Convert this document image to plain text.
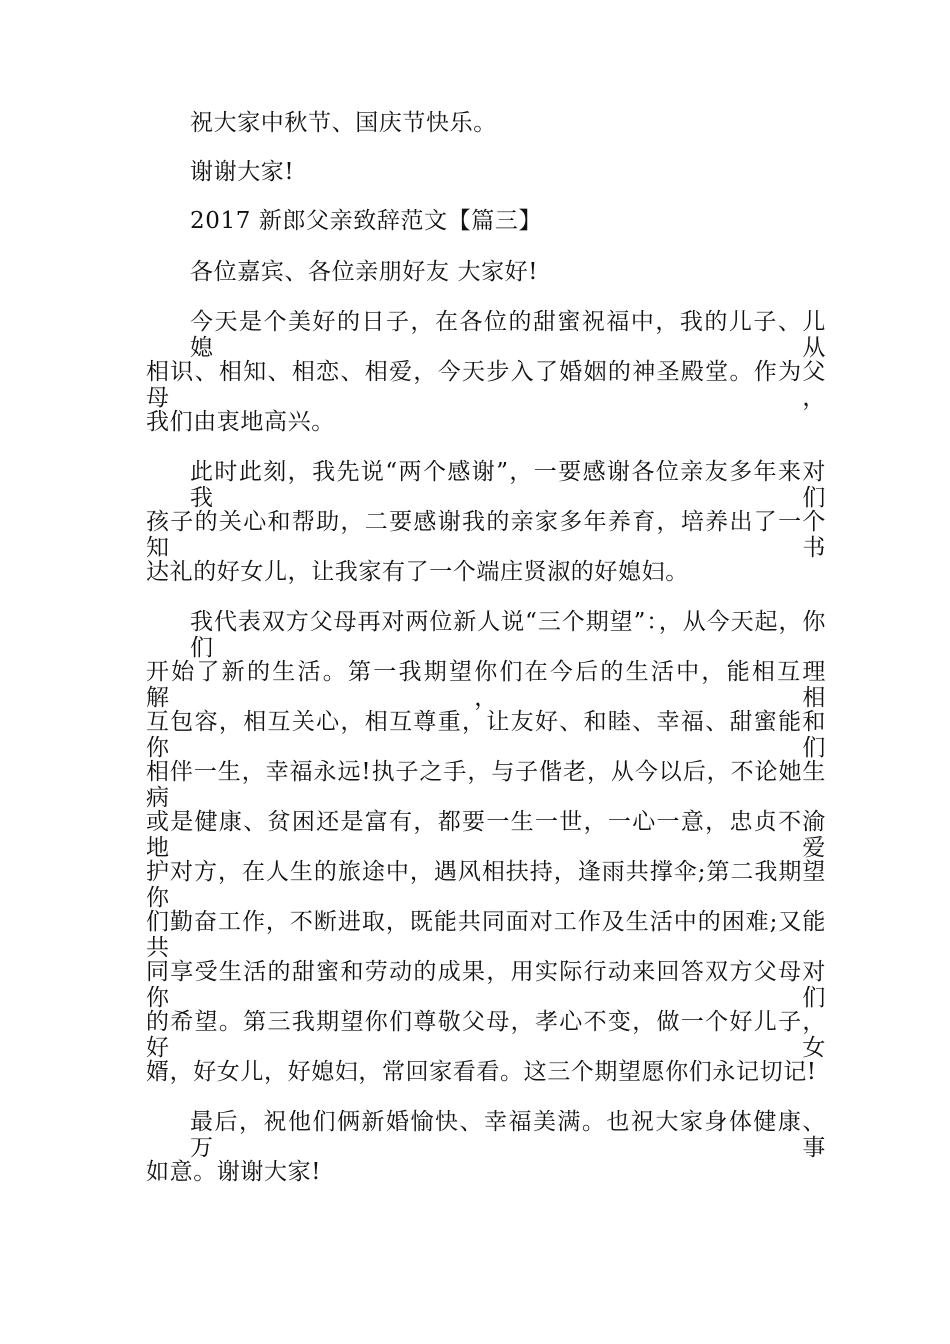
祝大家中秋节、国庆节快乐。
谢谢大家!
2017 新郎父亲致辞范文【篇三】
各位嘉宾、各位亲朋好友 大家好!
今天是个美好的日子，在各位的甜蜜祝福中，我的儿子、儿媳从
相识、相知、相恋、相爱，今天步入了婚姻的神圣殿堂。作为父母，
我们由衷地高兴。
此时此刻，我先说“两个感谢”，一要感谢各位亲友多年来对我们
孩子的关心和帮助，二要感谢我的亲家多年养育，培养出了一个知书
达礼的好女儿，让我家有了一个端庄贤淑的好媳妇。
我代表双方父母再对两位新人说“三个期望”：，从今天起，你们
开始了新的生活。第一我期望你们在今后的生活中，能相互理解，相
互包容，相互关心，相互尊重，让友好、和睦、幸福、甜蜜能和你们
相伴一生，幸福永远!执子之手，与子偕老，从今以后，不论她生病
或是健康、贫困还是富有，都要一生一世，一心一意，忠贞不渝地爱
护对方，在人生的旅途中，遇风相扶持，逢雨共撑伞;第二我期望你
们勤奋工作，不断进取，既能共同面对工作及生活中的困难;又能共
同享受生活的甜蜜和劳动的成果，用实际行动来回答双方父母对你们
的希望。第三我期望你们尊敬父母，孝心不变，做一个好儿子，好女
婿，好女儿，好媳妇，常回家看看。这三个期望愿你们永记切记!
最后，祝他们俩新婚愉快、幸福美满。也祝大家身体健康、万事
如意。谢谢大家!
